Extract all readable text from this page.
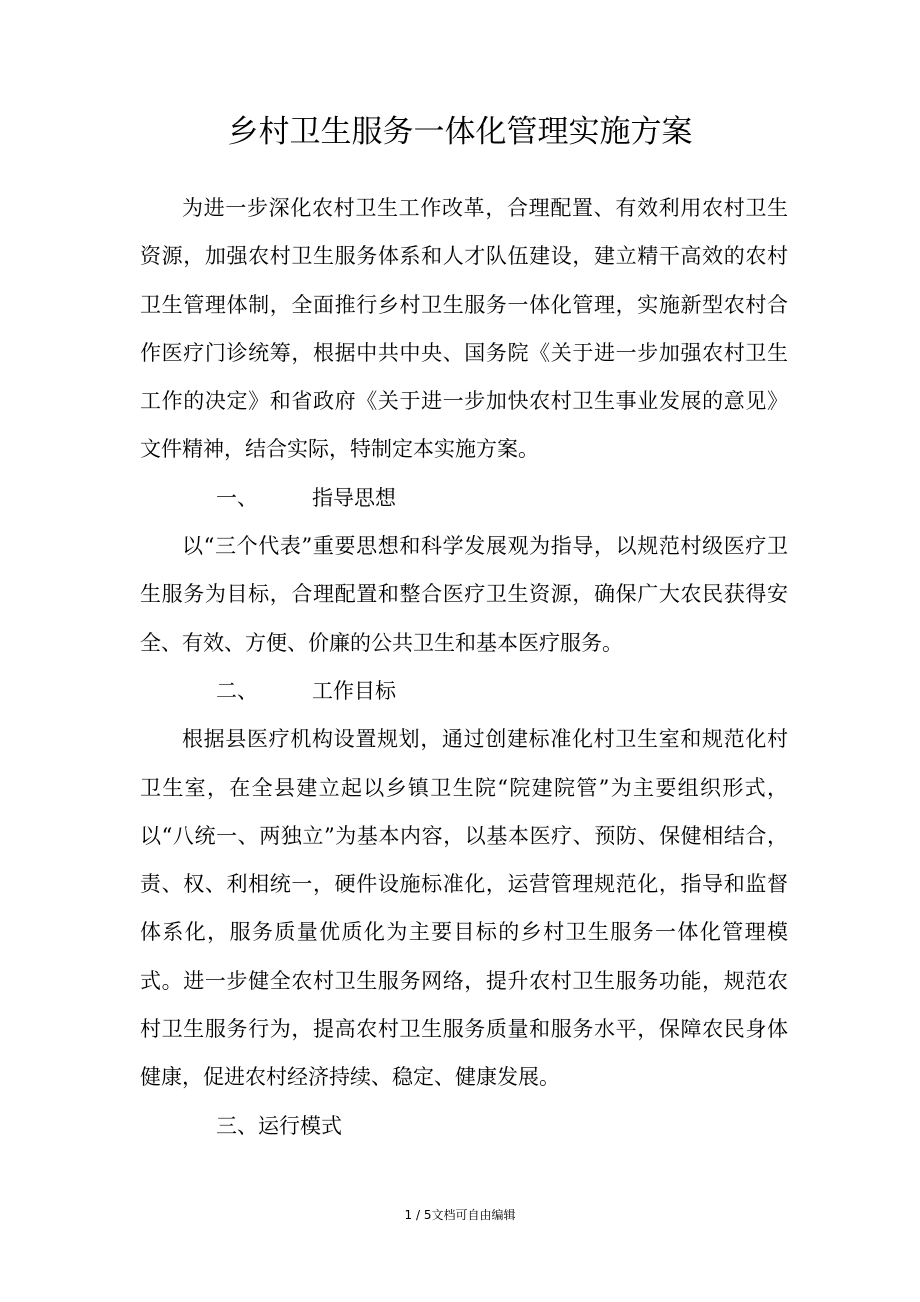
乡村卫生服务一体化管理实施方案

为进一步深化农村卫生工作改革，合理配置、有效利用农村卫生资源，加强农村卫生服务体系和人才队伍建设，建立精干高效的农村卫生管理体制，全面推行乡村卫生服务一体化管理，实施新型农村合作医疗门诊统筹，根据中共中央、国务院《关于进一步加强农村卫生工作的决定》和省政府《关于进一步加快农村卫生事业发展的意见》文件精神，结合实际，特制定本实施方案。

一、	指导思想

以“三个代表”重要思想和科学发展观为指导，以规范村级医疗卫生服务为目标，合理配置和整合医疗卫生资源，确保广大农民获得安全、有效、方便、价廉的公共卫生和基本医疗服务。

二、	工作目标

根据县医疗机构设置规划，通过创建标准化村卫生室和规范化村卫生室，在全县建立起以乡镇卫生院“院建院管”为主要组织形式，以“八统一、两独立”为基本内容，以基本医疗、预防、保健相结合，责、权、利相统一，硬件设施标准化，运营管理规范化，指导和监督体系化，服务质量优质化为主要目标的乡村卫生服务一体化管理模式。进一步健全农村卫生服务网络，提升农村卫生服务功能，规范农村卫生服务行为，提高农村卫生服务质量和服务水平，保障农民身体健康，促进农村经济持续、稳定、健康发展。

三、运行模式
1 / 5文档可自由编辑
